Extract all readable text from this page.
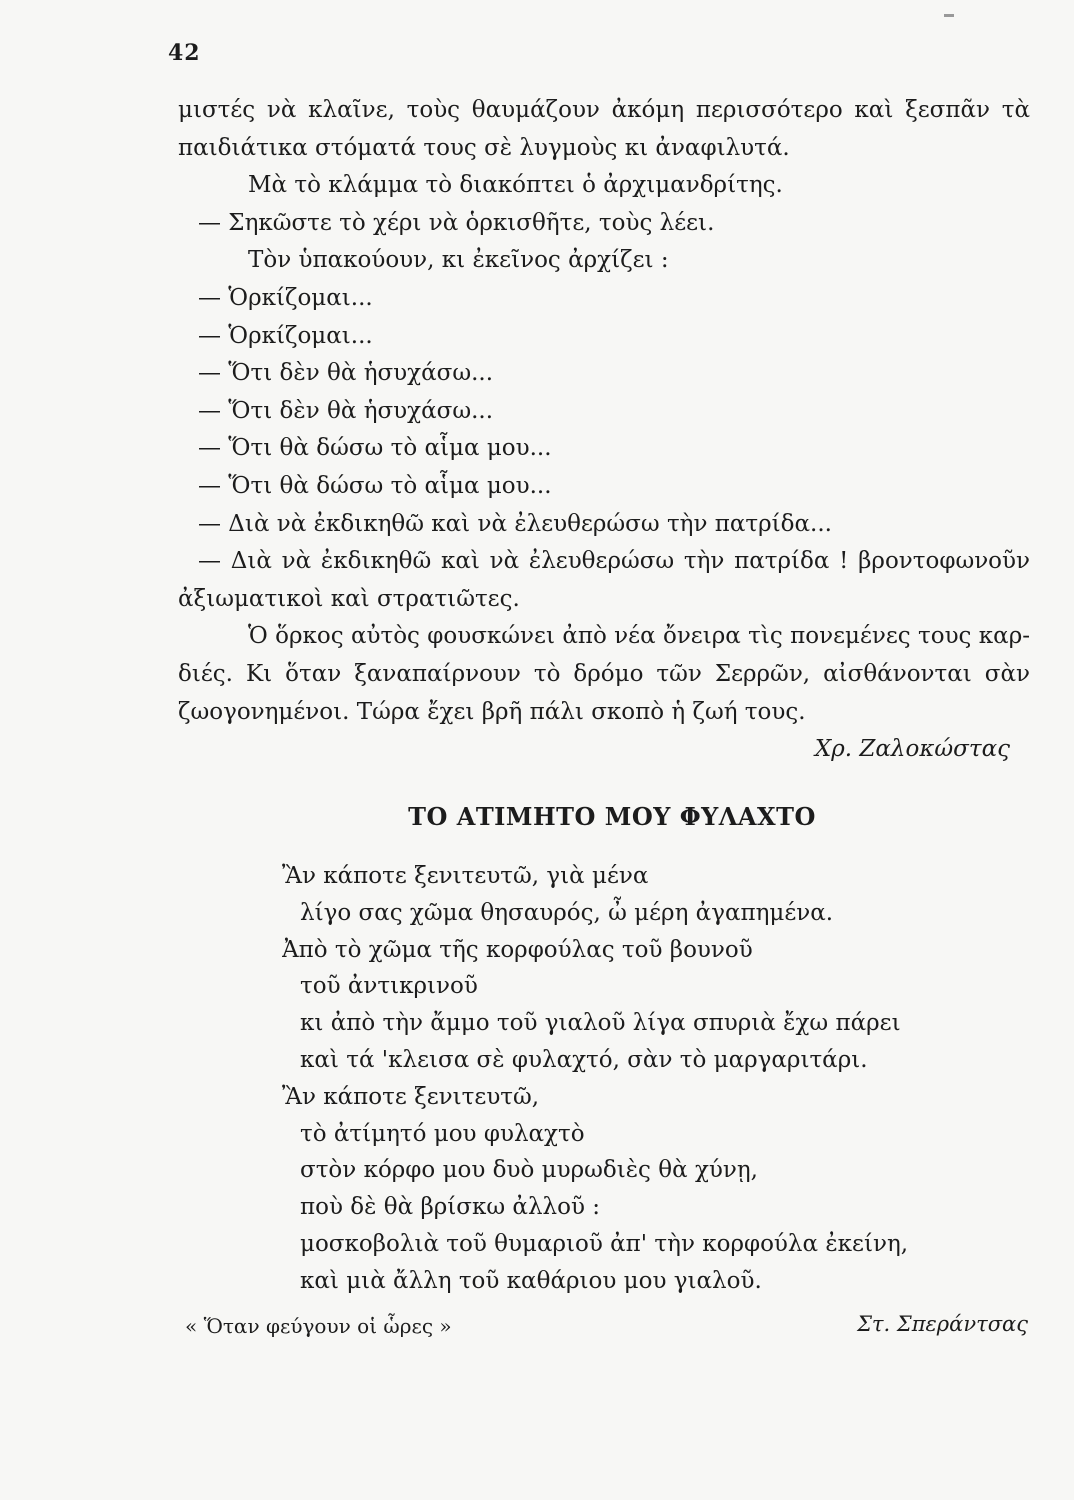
42
μιστές νὰ κλαῖνε, τοὺς θαυμάζουν ἀκόμη περισσότερο καὶ ξεσπᾶν τὰ
παιδιάτικα στόματά τους σὲ λυγμοὺς κι ἀναφιλυτά.
Μὰ τὸ κλάμμα τὸ διακόπτει ὁ ἀρχιμανδρίτης.
— Σηκῶστε τὸ χέρι νὰ ὁρκισθῆτε, τοὺς λέει.
Τὸν ὑπακούουν, κι ἐκεῖνος ἀρχίζει :
— Ὁρκίζομαι...
— Ὁρκίζομαι...
— Ὅτι δὲν θὰ ἡσυχάσω...
— Ὅτι δὲν θὰ ἡσυχάσω...
— Ὅτι θὰ δώσω τὸ αἷμα μου...
— Ὅτι θὰ δώσω τὸ αἷμα μου...
— Διὰ νὰ ἐκδικηθῶ καὶ νὰ ἐλευθερώσω τὴν πατρίδα...
— Διὰ νὰ ἐκδικηθῶ καὶ νὰ ἐλευθερώσω τὴν πατρίδα ! βροντοφωνοῦν
ἀξιωματικοὶ καὶ στρατιῶτες.
Ὁ ὅρκος αὐτὸς φουσκώνει ἀπὸ νέα ὄνειρα τὶς πονεμένες τους καρ-
διές. Κι ὅταν ξαναπαίρνουν τὸ δρόμο τῶν Σερρῶν, αἰσθάνονται σὰν
ζωογονημένοι. Τώρα ἔχει βρῆ πάλι σκοπὸ ἡ ζωή τους.
Χρ. Ζαλοκώστας
ΤΟ ΑΤΙΜΗΤΟ ΜΟΥ ΦΥΛΑΧΤΟ
Ἂν κάποτε ξενιτευτῶ, γιὰ μένα
λίγο σας χῶμα θησαυρός, ὦ μέρη ἀγαπημένα.
Ἀπὸ τὸ χῶμα τῆς κορφούλας τοῦ βουνοῦ
τοῦ ἀντικρινοῦ
κι ἀπὸ τὴν ἄμμο τοῦ γιαλοῦ λίγα σπυριὰ ἔχω πάρει
καὶ τά 'κλεισα σὲ φυλαχτό, σὰν τὸ μαργαριτάρι.
Ἂν κάποτε ξενιτευτῶ,
τὸ ἀτίμητό μου φυλαχτὸ
στὸν κόρφο μου δυὸ μυρωδιὲς θὰ χύνῃ,
ποὺ δὲ θὰ βρίσκω ἀλλοῦ :
μοσκοβολιὰ τοῦ θυμαριοῦ ἀπ' τὴν κορφούλα ἐκείνη,
καὶ μιὰ ἄλλη τοῦ καθάριου μου γιαλοῦ.
« Ὅταν φεύγουν οἱ ὧρες »	Στ. Σπεράντσας
